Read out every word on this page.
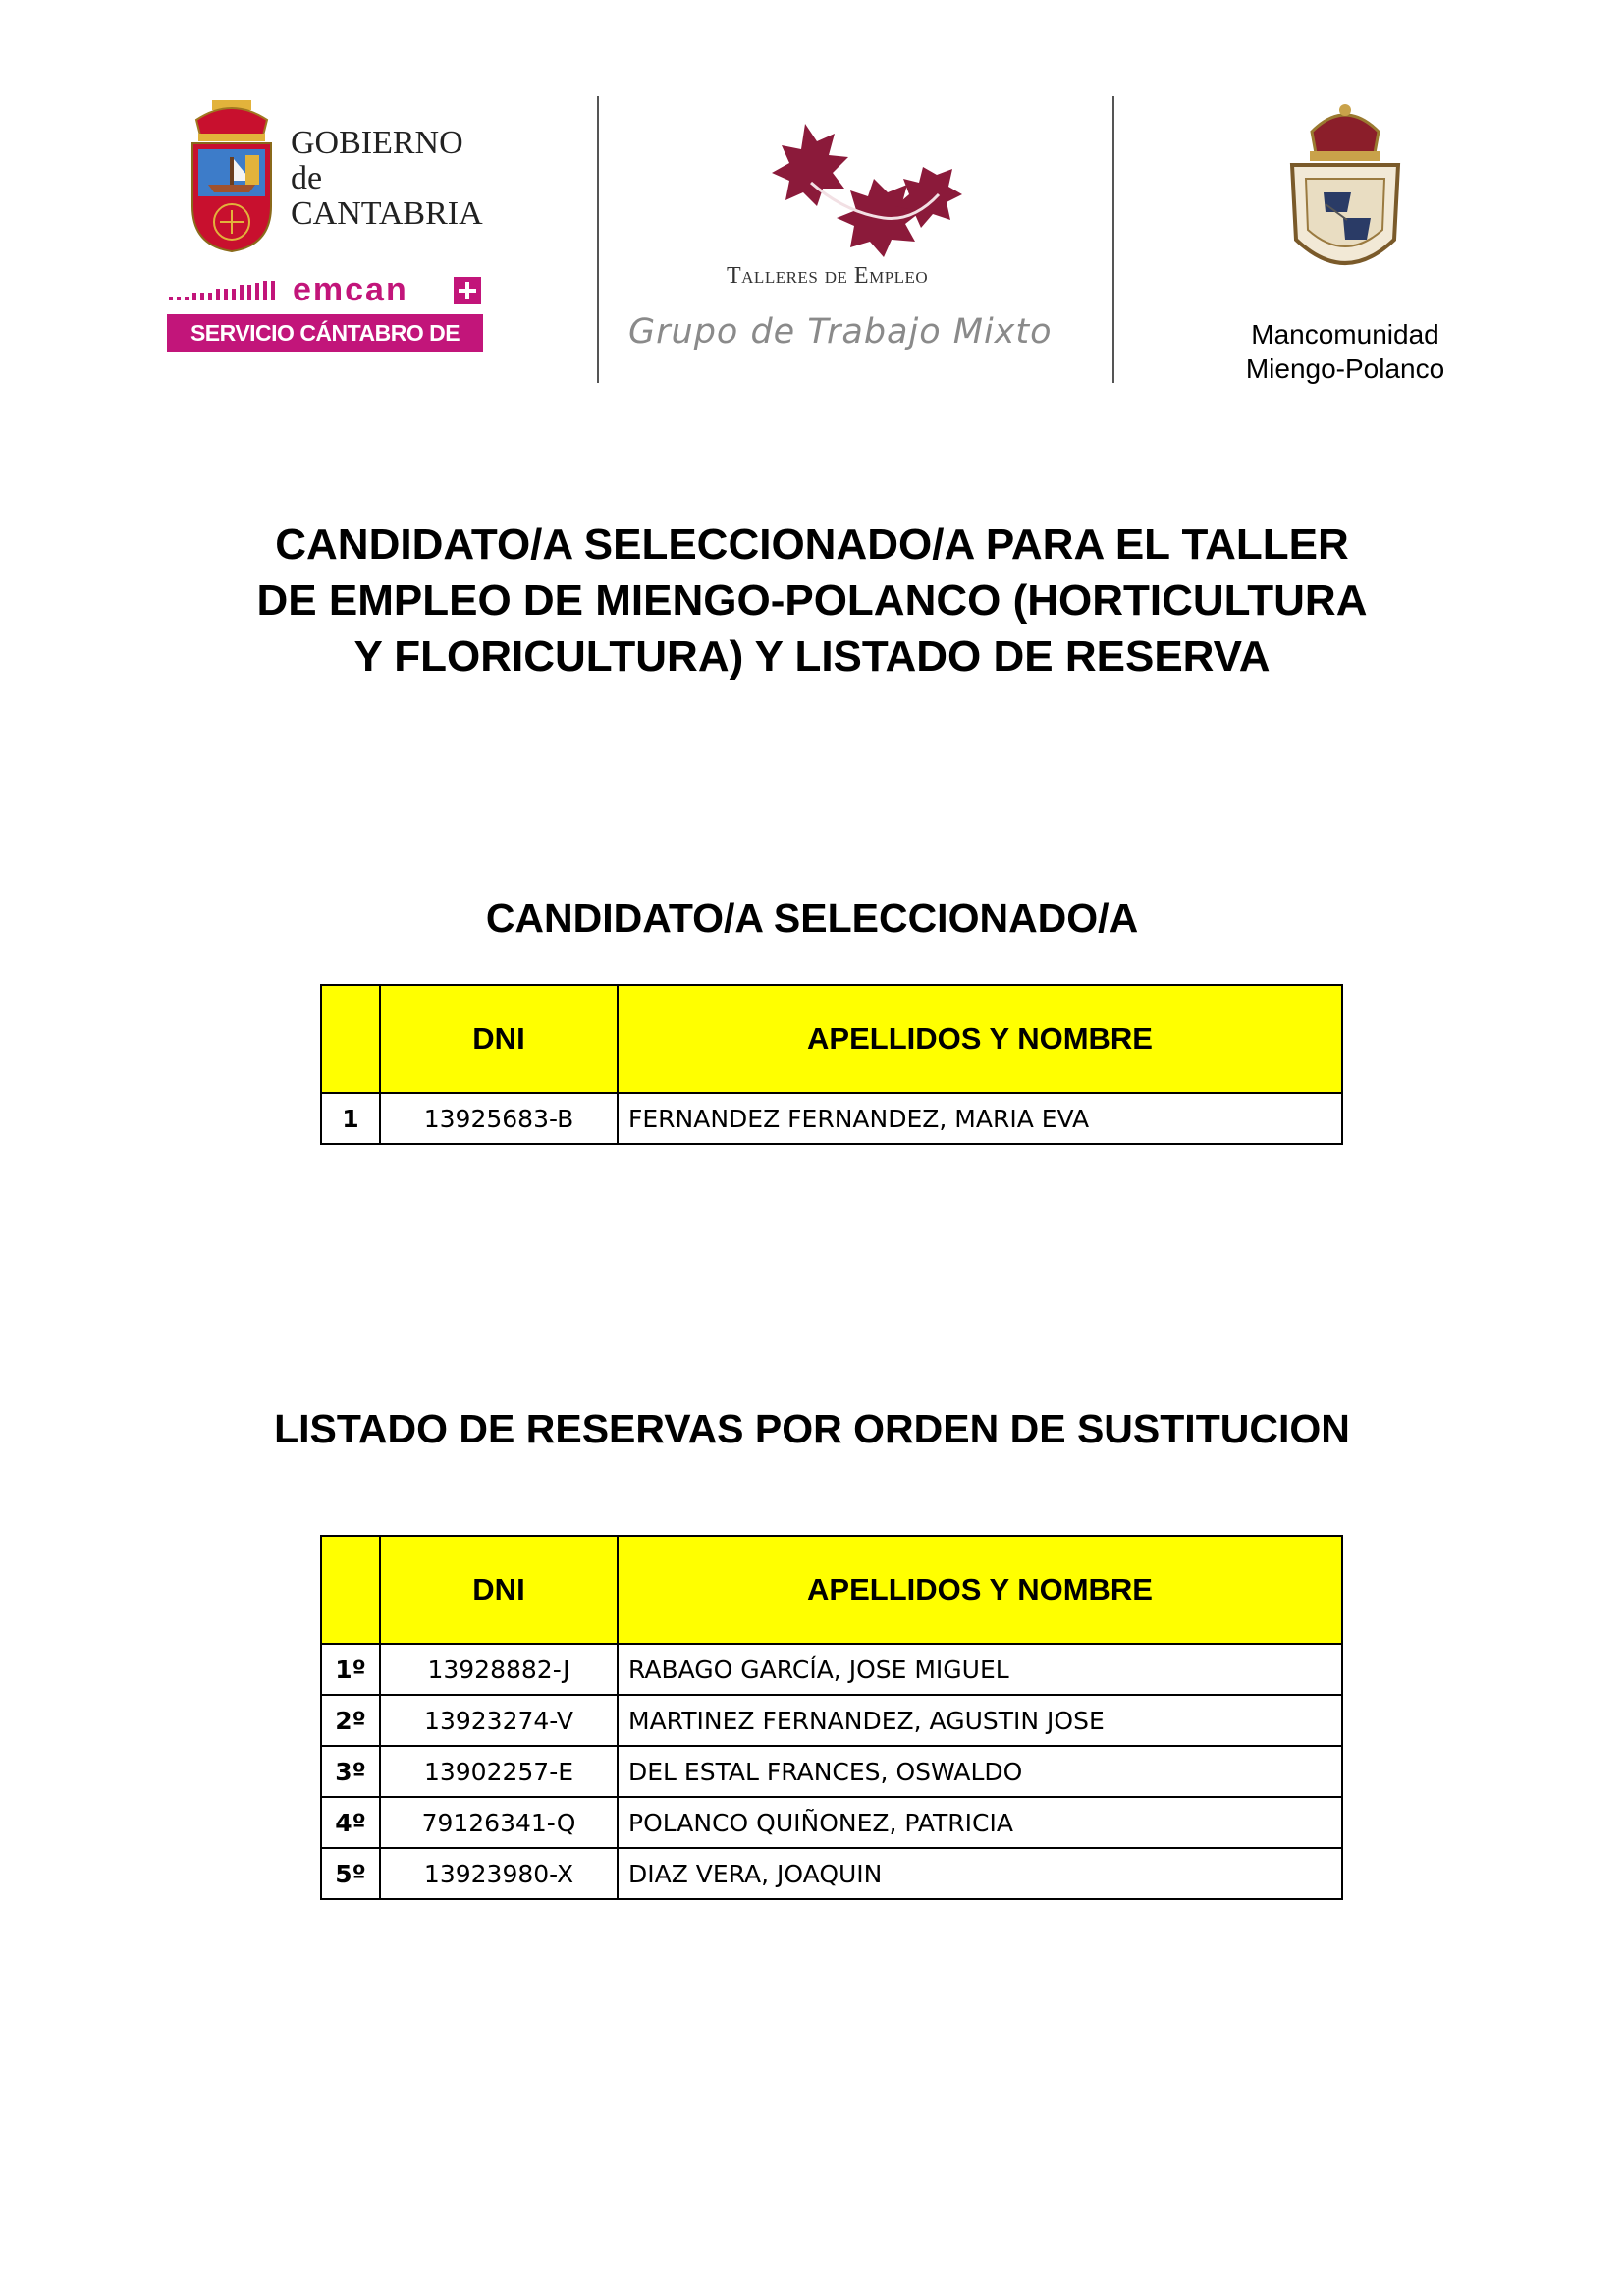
GOBIERNO
de
CANTABRIA
emcan
SERVICIO CÁNTABRO DE EMPLEO
Talleres de Empleo
Grupo de Trabajo Mixto	Mancomunidad Miengo-Polanco
CANDIDATO/A SELECCIONADO/A PARA EL TALLER DE EMPLEO DE MIENGO-POLANCO (HORTICULTURA Y FLORICULTURA) Y LISTADO DE RESERVA
CANDIDATO/A SELECCIONADO/A
	DNI	APELLIDOS Y NOMBRE
1	13925683-B	FERNANDEZ FERNANDEZ, MARIA EVA
LISTADO DE RESERVAS POR ORDEN DE SUSTITUCION
	DNI	APELLIDOS Y NOMBRE
1º	13928882-J	RABAGO GARCÍA, JOSE MIGUEL
2º	13923274-V	MARTINEZ FERNANDEZ, AGUSTIN JOSE
3º	13902257-E	DEL ESTAL FRANCES, OSWALDO
4º	79126341-Q	POLANCO QUIÑONEZ, PATRICIA
5º	13923980-X	DIAZ VERA, JOAQUIN
